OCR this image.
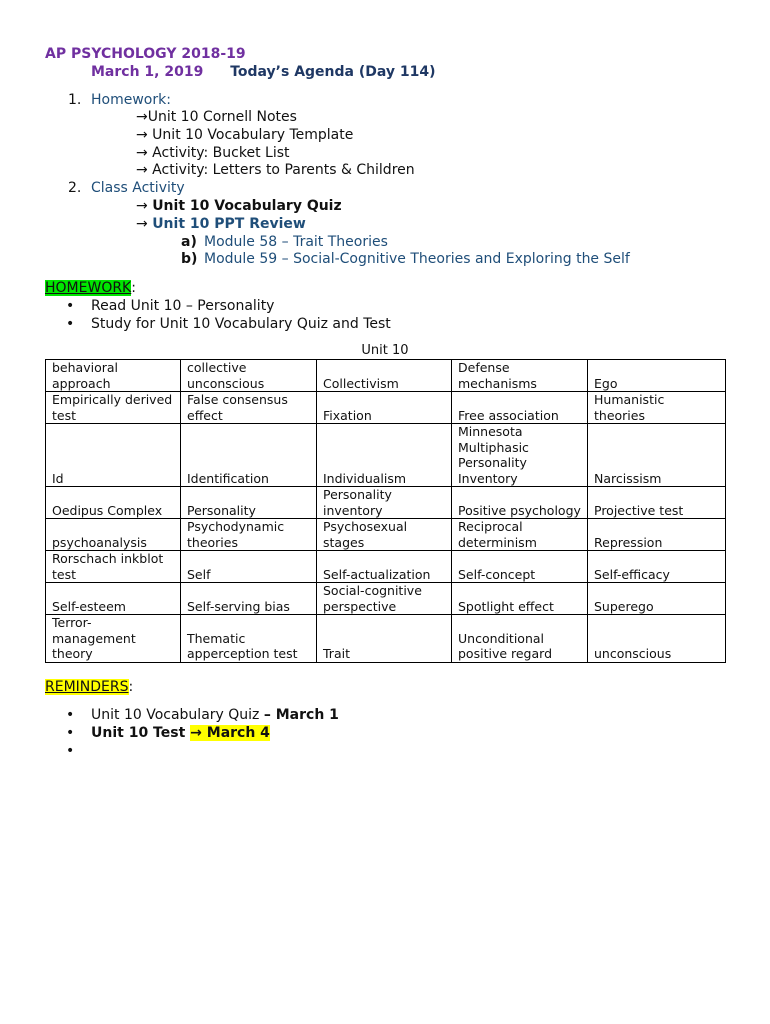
AP PSYCHOLOGY 2018-19
March 1, 2019 Today’s Agenda (Day 114)
1. Homework:
→Unit 10 Cornell Notes
→ Unit 10 Vocabulary Template
→ Activity: Bucket List
→ Activity: Letters to Parents & Children
2. Class Activity
→ Unit 10 Vocabulary Quiz
→ Unit 10 PPT Review
a) Module 58 – Trait Theories
b) Module 59 – Social-Cognitive Theories and Exploring the Self
HOMEWORK:
• Read Unit 10 – Personality
• Study for Unit 10 Vocabulary Quiz and Test
Unit 10
behavioral approach	collective unconscious	Collectivism	Defense mechanisms	Ego
Empirically derived test	False consensus effect	Fixation	Free association	Humanistic theories
Id	Identification	Individualism	Minnesota Multiphasic Personality Inventory	Narcissism
Oedipus Complex	Personality	Personality inventory	Positive psychology	Projective test
psychoanalysis	Psychodynamic theories	Psychosexual stages	Reciprocal determinism	Repression
Rorschach inkblot test	Self	Self-actualization	Self-concept	Self-efficacy
Self-esteem	Self-serving bias	Social-cognitive perspective	Spotlight effect	Superego
Terror-management theory	Thematic apperception test	Trait	Unconditional positive regard	unconscious
REMINDERS:
• Unit 10 Vocabulary Quiz – March 1
• Unit 10 Test → March 4
•
